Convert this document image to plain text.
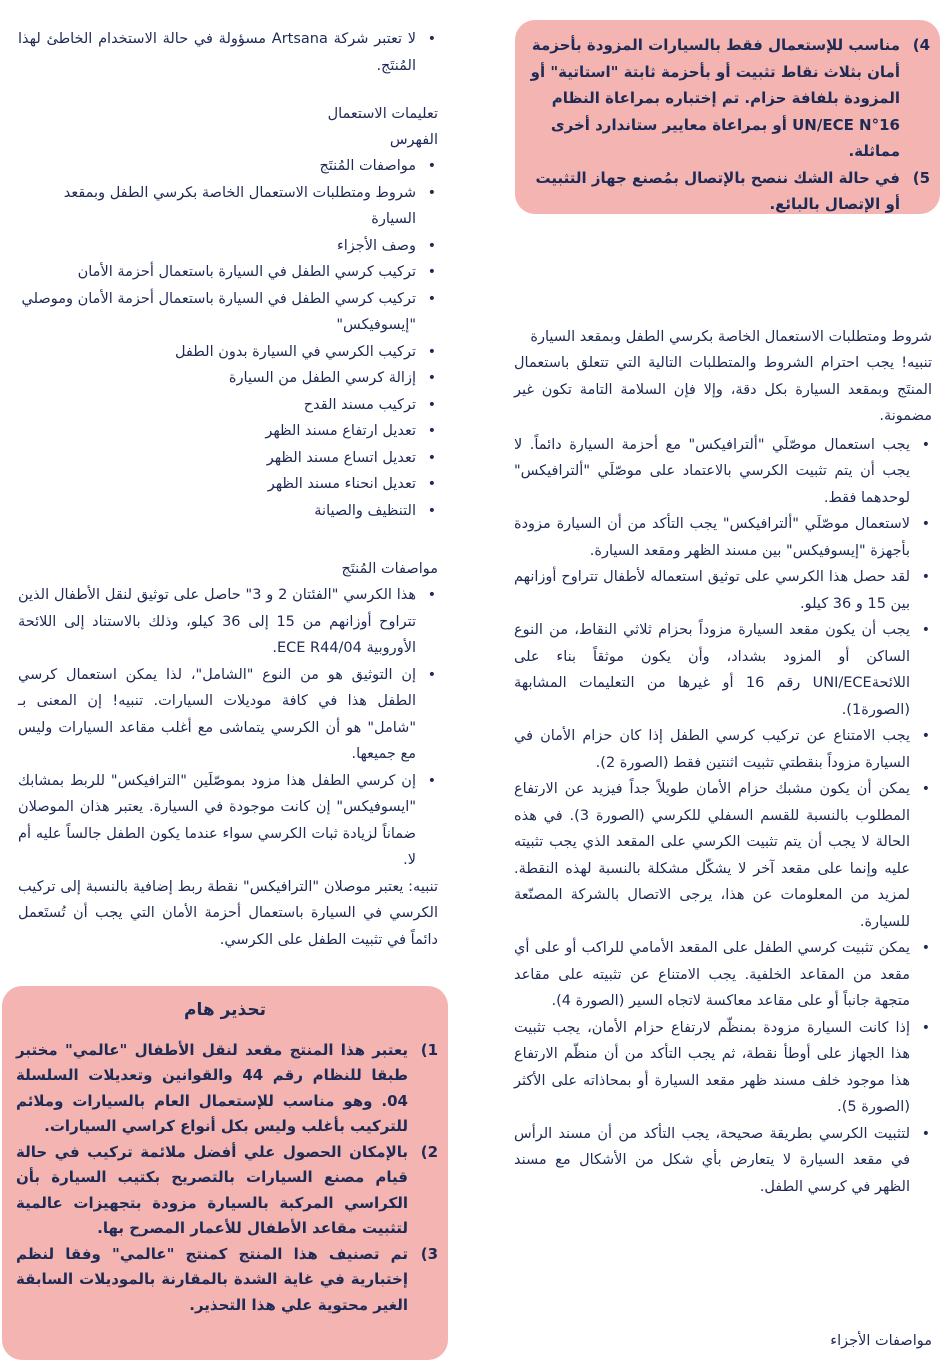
4)
مناسب للإستعمال فقط بالسيارات المزودة بأحزمة أمان بثلاث نقاط تثبيت أو بأحزمة ثابتة "استاتية" أو المزودة بلفافة حزام. تم إختباره بمراعاة النظام UN/ECE N°16 أو بمراعاة معايير ستاندارد أخرى مماثلة.
5)
في حالة الشك ننصح بالإتصال بمُصنع جهاز التثبيت أو الإتصال بالبائع.
شروط ومتطلبات الاستعمال الخاصة بكرسي الطفل وبمقعد السيارة
تنبيه! يجب احترام الشروط والمتطلبات التالية التي تتعلق باستعمال المنتَج وبمقعد السيارة بكل دقة، وإلا فإن السلامة التامة تكون غير مضمونة.
• يجب استعمال موصّلَي "ألترافيكس" مع أحزمة السيارة دائماً. لا يجب أن يتم تثبيت الكرسي بالاعتماد على موصّلَي "ألترافيكس" لوحدهما فقط.
• لاستعمال موصّلَي "ألترافيكس" يجب التأكد من أن السيارة مزودة بأجهزة "إيسوفيكس" بين مسند الظهر ومقعد السيارة.
• لقد حصل هذا الكرسي على توثيق استعماله لأطفال تتراوح أوزانهم بين 15 و 36 كيلو.
• يجب أن يكون مقعد السيارة مزوداً بحزام ثلاثي النقاط، من النوع الساكن أو المزود بشداد، وأن يكون موثقاً بناء على اللائحةUNI/ECE رقم 16 أو غيرها من التعليمات المشابهة (الصورة1).
• يجب الامتناع عن تركيب كرسي الطفل إذا كان حزام الأمان في السيارة مزوداً بنقطتي تثبيت اثنتين فقط (الصورة 2).
• يمكن أن يكون مشبك حزام الأمان طويلاً جداً فيزيد عن الارتفاع المطلوب بالنسبة للقسم السفلي للكرسي (الصورة 3). في هذه الحالة لا يجب أن يتم تثبيت الكرسي على المقعد الذي يجب تثبيته عليه وإنما على مقعد آخر لا يشكّل مشكلة بالنسبة لهذه النقطة. لمزيد من المعلومات عن هذا، يرجى الاتصال بالشركة المصنّعة للسيارة.
• يمكن تثبيت كرسي الطفل على المقعد الأمامي للراكب أو على أي مقعد من المقاعد الخلفية. يجب الامتناع عن تثبيته على مقاعد متجهة جانباً أو على مقاعد معاكسة لاتجاه السير (الصورة 4).
• إذا كانت السيارة مزودة بمنظّم لارتفاع حزام الأمان، يجب تثبيت هذا الجهاز على أوطأ نقطة، ثم يجب التأكد من أن منظّم الارتفاع هذا موجود خلف مسند ظهر مقعد السيارة أو بمحاذاته على الأكثر (الصورة 5).
• لتثبيت الكرسي بطريقة صحيحة، يجب التأكد من أن مسند الرأس في مقعد السيارة لا يتعارض بأي شكل من الأشكال مع مسند الظهر في كرسي الطفل.
مواصفات الأجزاء
• لا تعتبر شركة Artsana مسؤولة في حالة الاستخدام الخاطئ لهذا المُنتَج.
تعليمات الاستعمال
الفهرس
• مواصفات المُنتَج
• شروط ومتطلبات الاستعمال الخاصة بكرسي الطفل وبمقعد السيارة
• وصف الأجزاء
• تركيب كرسي الطفل في السيارة باستعمال أحزمة الأمان
• تركيب كرسي الطفل في السيارة باستعمال أحزمة الأمان وموصلي "إيسوفيكس"
• تركيب الكرسي في السيارة بدون الطفل
• إزالة كرسي الطفل من السيارة
• تركيب مسند القدح
• تعديل ارتفاع مسند الظهر
• تعديل اتساع مسند الظهر
• تعديل انحناء مسند الظهر
• التنظيف والصيانة
مواصفات المُنتَج
• هذا الكرسي "الفئتان 2 و 3" حاصل على توثيق لنقل الأطفال الذين تتراوح أوزانهم من 15 إلى 36 كيلو، وذلك بالاستناد إلى اللائحة الأوروبية ECE R44/04.
• إن التوثيق هو من النوع "الشامل"، لذا يمكن استعمال كرسي الطفل هذا في كافة موديلات السيارات. تنبيه! إن المعنى بـ "شامل" هو أن الكرسي يتماشى مع أغلب مقاعد السيارات وليس مع جميعها.
• إن كرسي الطفل هذا مزود بموصّلَين "الترافيكس" للربط بمشابك "ايسوفيكس" إن كانت موجودة في السيارة. يعتبر هذان الموصلان ضماناً لزيادة ثبات الكرسي سواء عندما يكون الطفل جالساً عليه أم لا.
تنبيه: يعتبر موصلان "الترافيكس" نقطة ربط إضافية بالنسبة إلى تركيب الكرسي في السيارة باستعمال أحزمة الأمان التي يجب أن تُستَعمل دائماً في تثبيت الطفل على الكرسي.
تحذير هام
1)
يعتبر هذا المنتج مقعد لنقل الأطفال "عالمي" مختبر طبقا للنظام رقم 44 والقوانين وتعديلات السلسلة 04. وهو مناسب للإستعمال العام بالسيارات وملائم للتركيب بأغلب وليس بكل أنواع كراسي السيارات.
2)
بالإمكان الحصول علي أفضل ملائمة تركيب في حالة قيام مصنع السيارات بالتصريح بكتيب السيارة بأن الكراسي المركبة بالسيارة مزودة بتجهيزات عالمية لتثبيت مقاعد الأطفال للأعمار المصرح بها.
3)
تم تصنيف هذا المنتج كمنتج "عالمي" وفقا لنظم إختبارية في غاية الشدة بالمقارنة بالموديلات السابقة الغير محتوية علي هذا التحذير.
